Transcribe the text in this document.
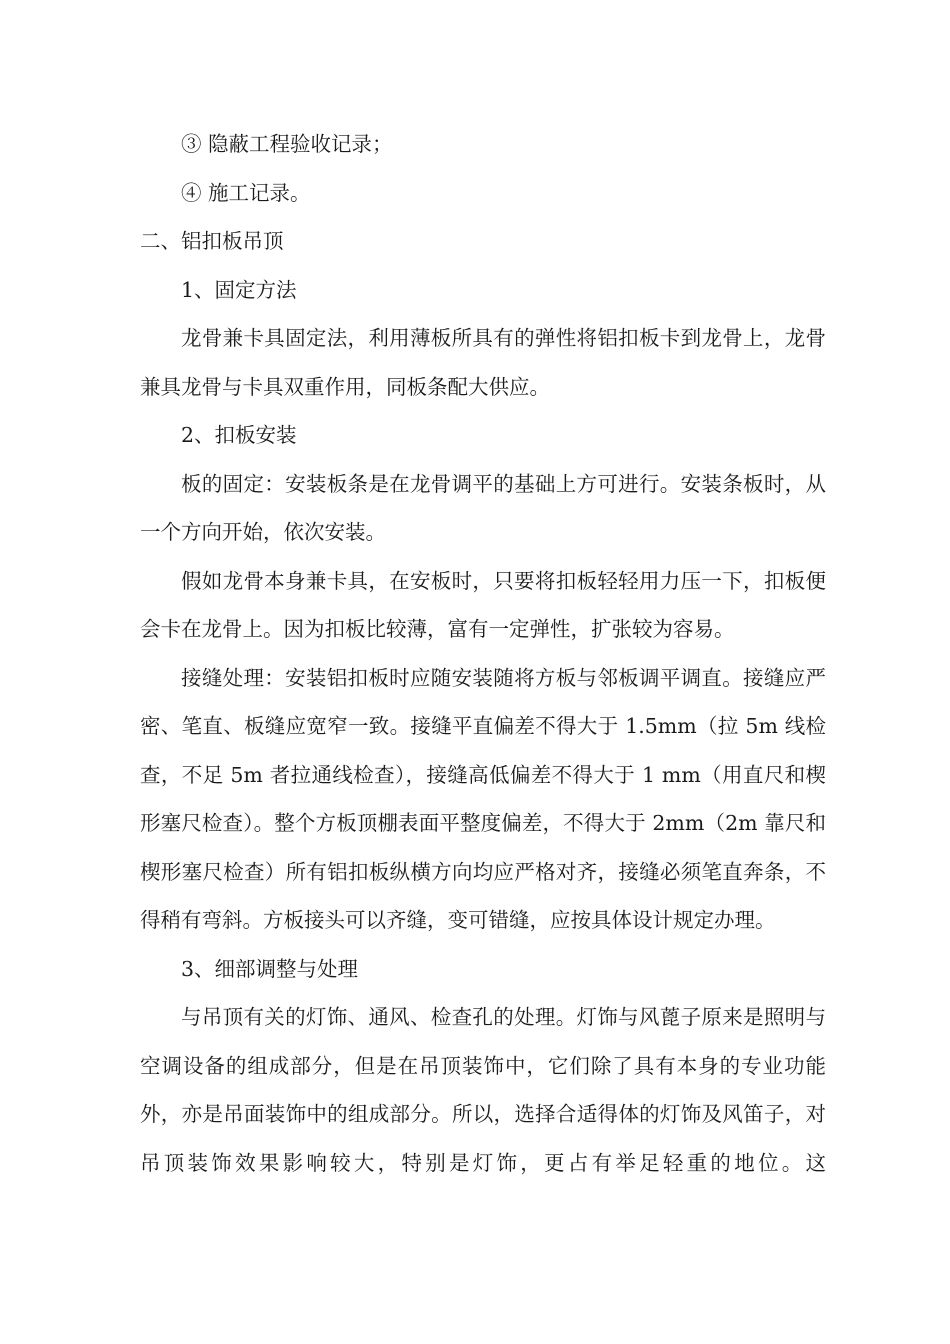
③ 隐蔽工程验收记录；

④ 施工记录。

二、铝扣板吊顶

1、固定方法

龙骨兼卡具固定法，利用薄板所具有的弹性将铝扣板卡到龙骨上，龙骨兼具龙骨与卡具双重作用，同板条配大供应。

2、扣板安装

板的固定：安装板条是在龙骨调平的基础上方可进行。安装条板时，从一个方向开始，依次安装。

假如龙骨本身兼卡具，在安板时，只要将扣板轻轻用力压一下，扣板便会卡在龙骨上。因为扣板比较薄，富有一定弹性，扩张较为容易。

接缝处理：安装铝扣板时应随安装随将方板与邻板调平调直。接缝应严密、笔直、板缝应宽窄一致。接缝平直偏差不得大于 1.5mm（拉 5m 线检查，不足 5m 者拉通线检查），接缝高低偏差不得大于 1 mm（用直尺和楔形塞尺检查）。整个方板顶棚表面平整度偏差，不得大于 2mm（2m 靠尺和楔形塞尺检查）所有铝扣板纵横方向均应严格对齐，接缝必须笔直奔条，不得稍有弯斜。方板接头可以齐缝，变可错缝，应按具体设计规定办理。

3、细部调整与处理

与吊顶有关的灯饰、通风、检查孔的处理。灯饰与风蓖子原来是照明与空调设备的组成部分，但是在吊顶装饰中，它们除了具有本身的专业功能外，亦是吊面装饰中的组成部分。所以，选择合适得体的灯饰及风笛子，对吊顶装饰效果影响较大，特别是灯饰，更占有举足轻重的地位。这
